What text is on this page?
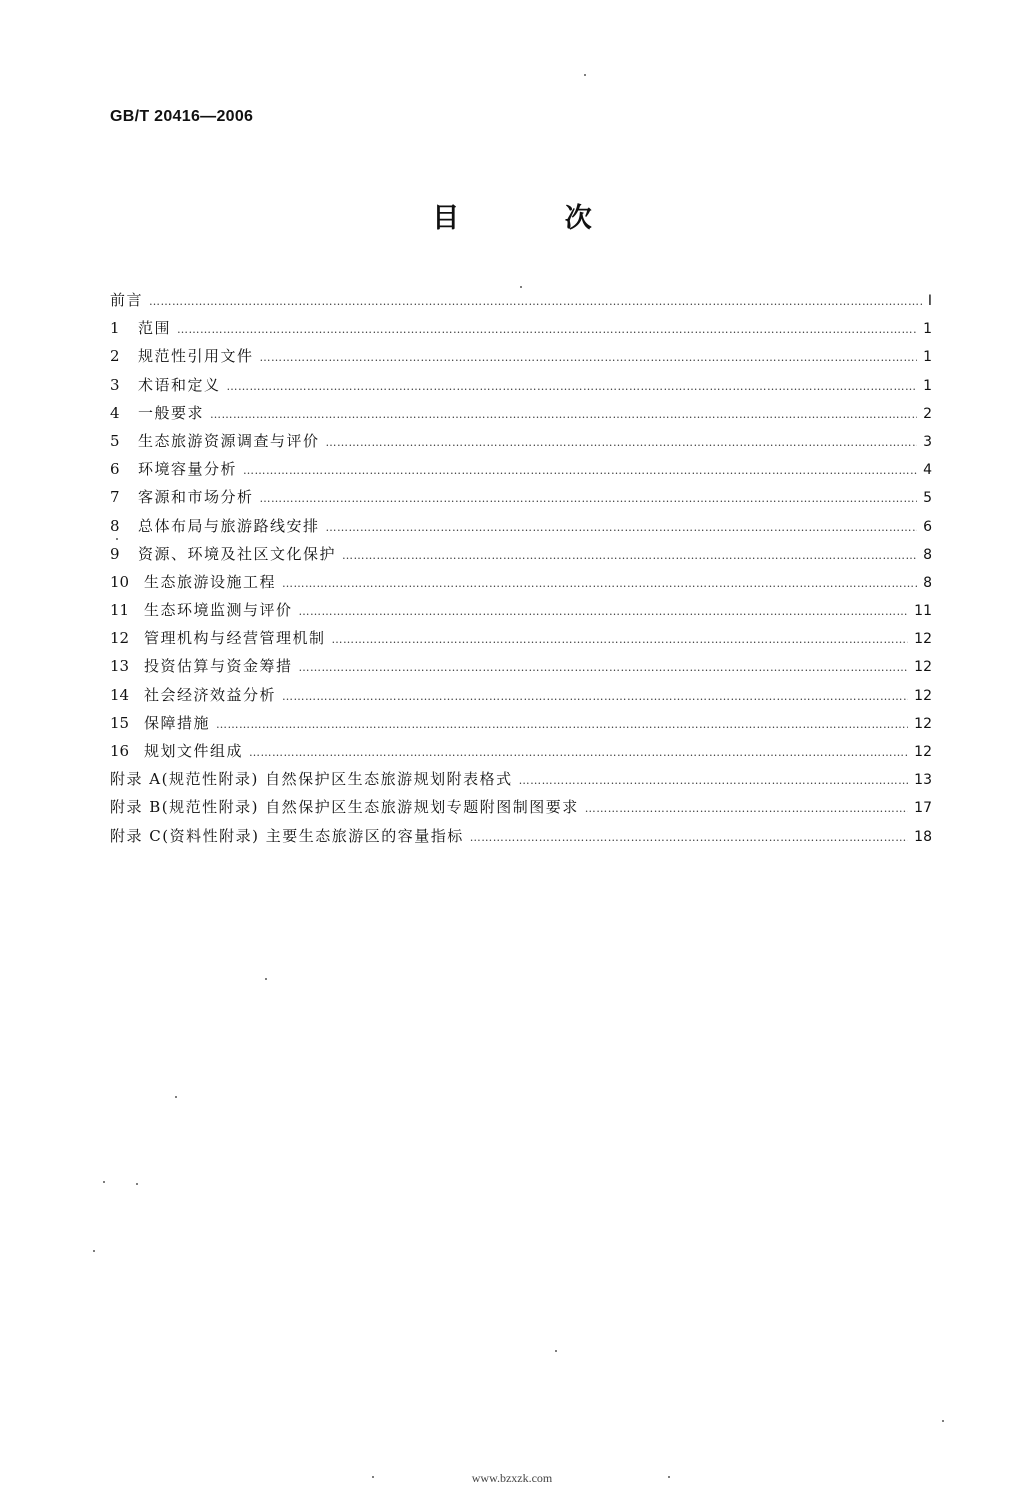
GB/T 20416—2006
目 次
前言 ……………………………………………………………………………………………………………………………………………………………………………………………………	I
1	范围 ……………………………………………………………………………………………………………………………………………………………………………………………………	1
2	规范性引用文件 ……………………………………………………………………………………………………………………………………………………………………………………………………	1
3	术语和定义 ……………………………………………………………………………………………………………………………………………………………………………………………………	1
4	一般要求 ……………………………………………………………………………………………………………………………………………………………………………………………………	2
5	生态旅游资源调查与评价 ……………………………………………………………………………………………………………………………………………………………………………………………………	3
6	环境容量分析 ……………………………………………………………………………………………………………………………………………………………………………………………………	4
7	客源和市场分析 ……………………………………………………………………………………………………………………………………………………………………………………………………	5
8	总体布局与旅游路线安排 ……………………………………………………………………………………………………………………………………………………………………………………………………	6
9	资源、环境及社区文化保护 ……………………………………………………………………………………………………………………………………………………………………………………………………	8
10 生态旅游设施工程 ……………………………………………………………………………………………………………………………………………………………………………………………………	8
11 生态环境监测与评价 ……………………………………………………………………………………………………………………………………………………………………………………………………	11
12 管理机构与经营管理机制 ……………………………………………………………………………………………………………………………………………………………………………………………………	12
13 投资估算与资金筹措 ……………………………………………………………………………………………………………………………………………………………………………………………………	12
14 社会经济效益分析 ……………………………………………………………………………………………………………………………………………………………………………………………………	12
15 保障措施 ……………………………………………………………………………………………………………………………………………………………………………………………………	12
16 规划文件组成 ……………………………………………………………………………………………………………………………………………………………………………………………………	12
附录 A(规范性附录) 自然保护区生态旅游规划附表格式 ……………………………………………………………………………………………………………………………………………………………………………………………………	13
附录 B(规范性附录) 自然保护区生态旅游规划专题附图制图要求 ……………………………………………………………………………………………………………………………………………………………………………………………………	17
附录 C(资料性附录) 主要生态旅游区的容量指标 ……………………………………………………………………………………………………………………………………………………………………………………………………	18
www.bzxzk.com
